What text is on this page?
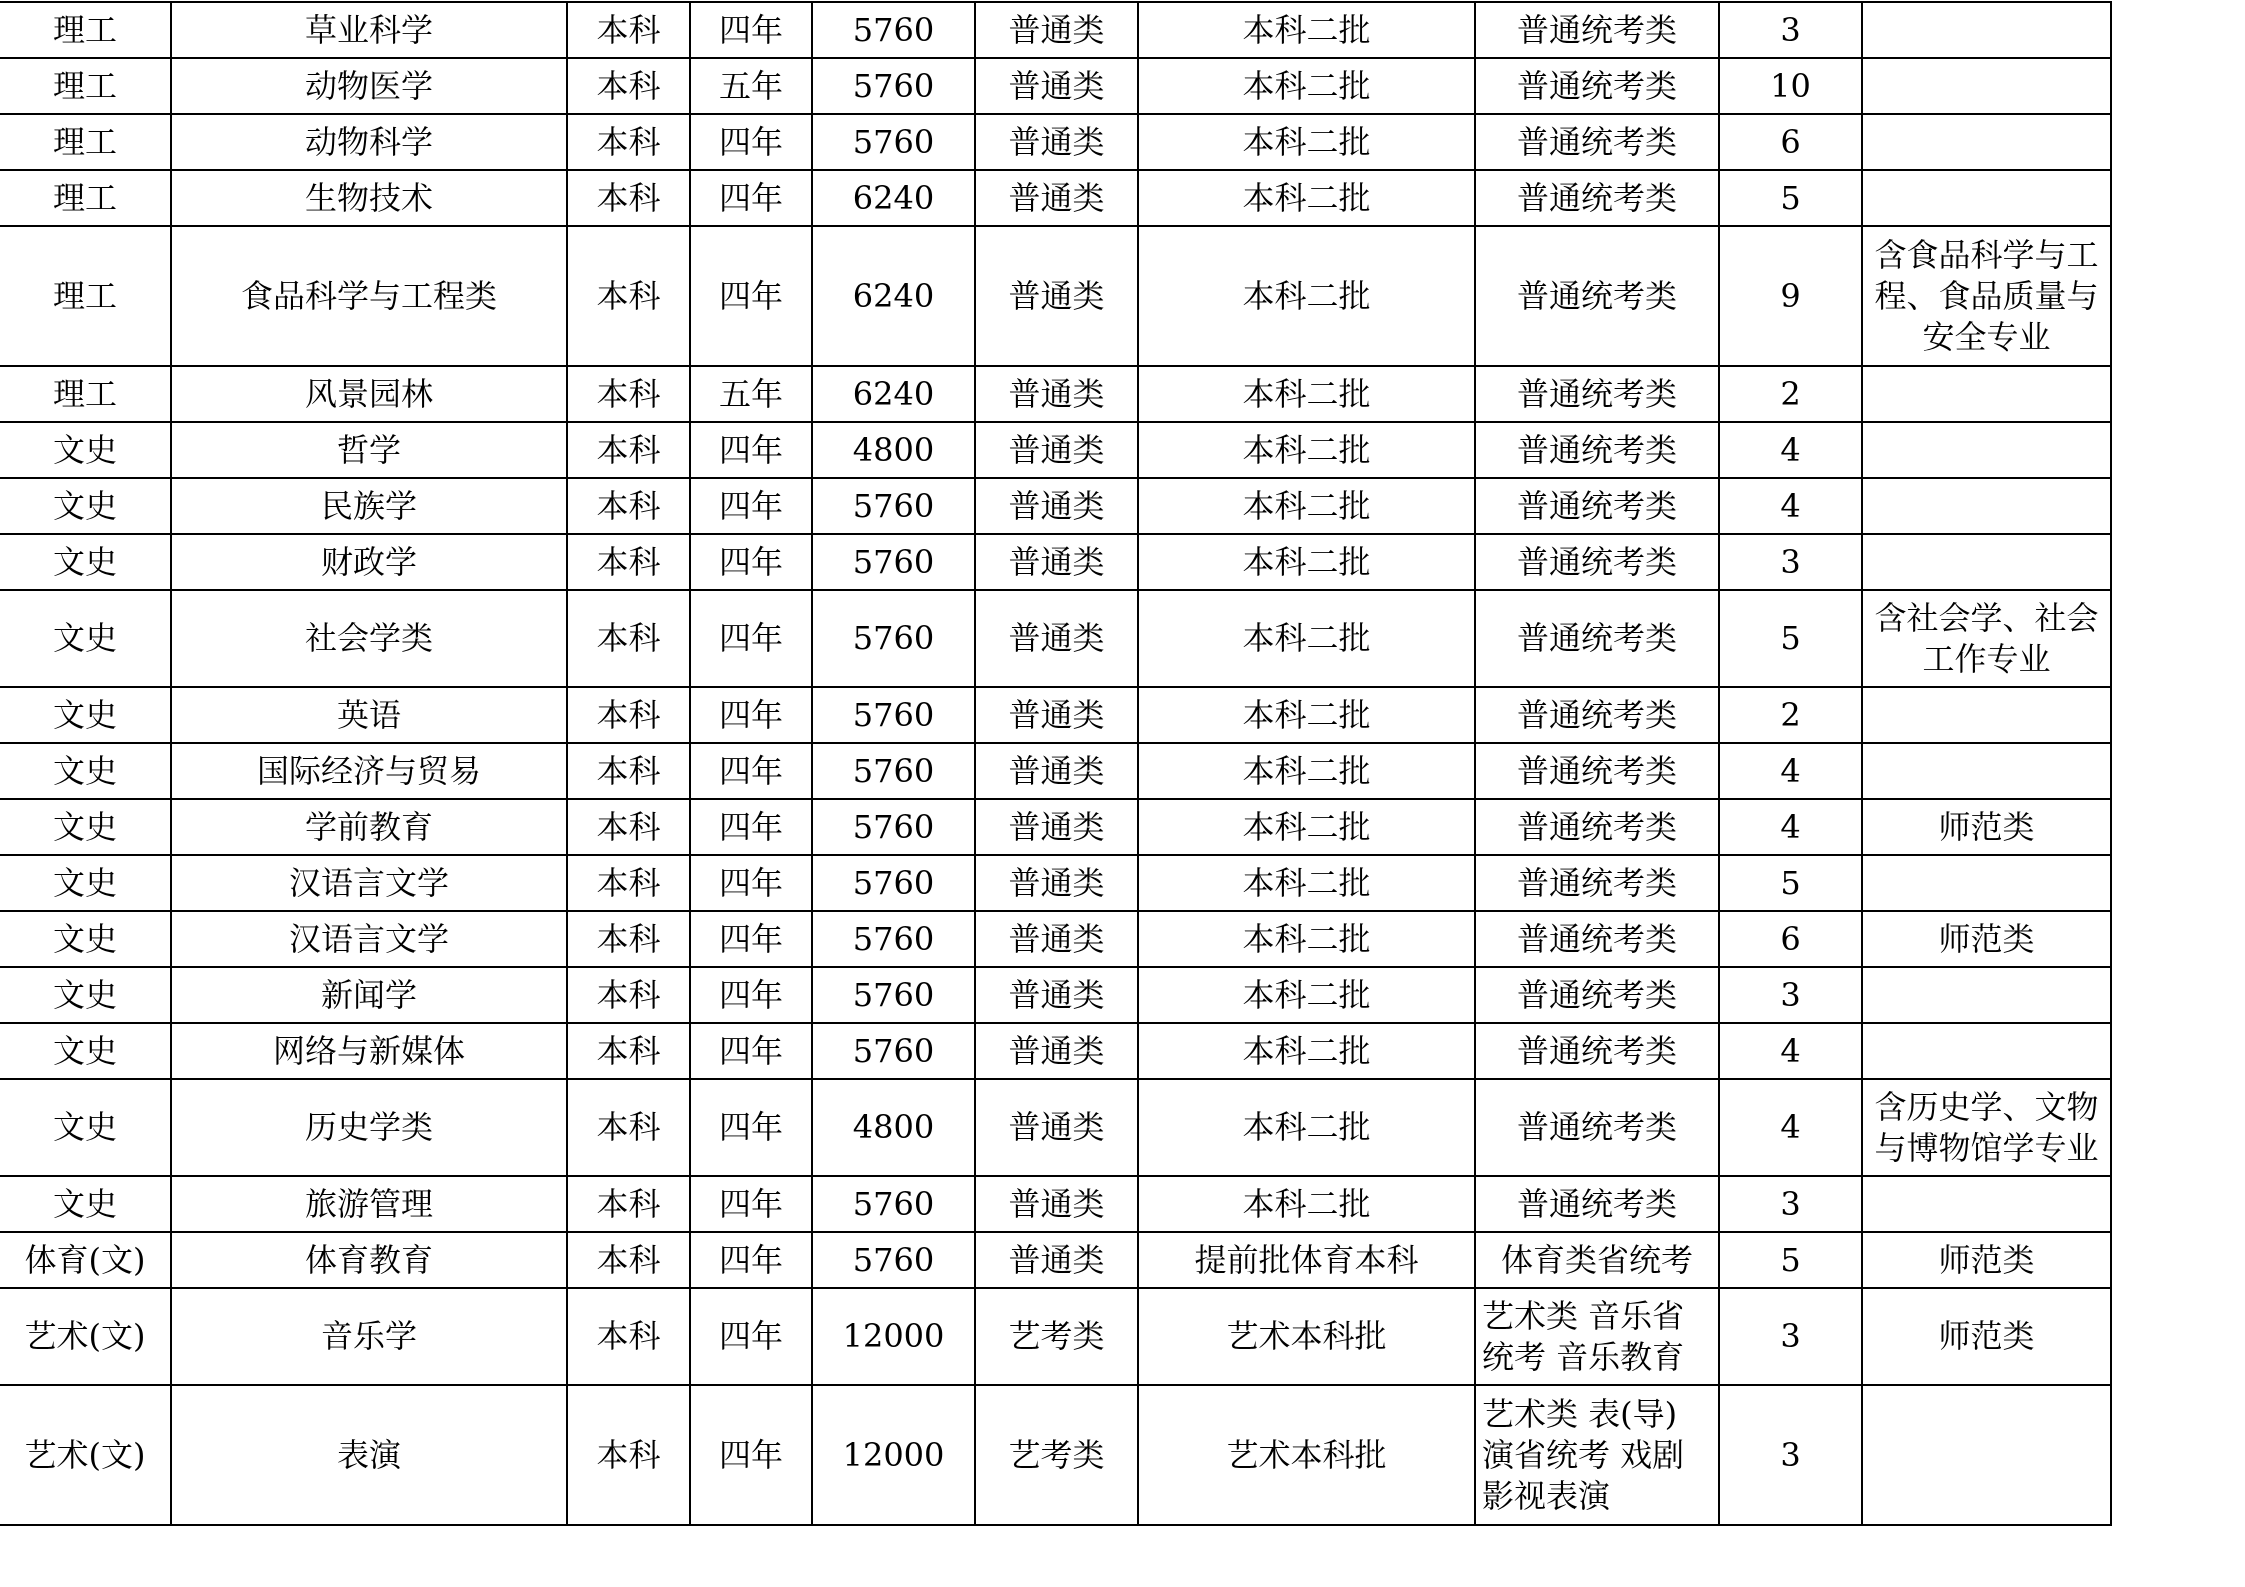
理工	草业科学	本科	四年	5760	普通类	本科二批	普通统考类	3	
理工	动物医学	本科	五年	5760	普通类	本科二批	普通统考类	10	
理工	动物科学	本科	四年	5760	普通类	本科二批	普通统考类	6	
理工	生物技术	本科	四年	6240	普通类	本科二批	普通统考类	5	
理工	食品科学与工程类	本科	四年	6240	普通类	本科二批	普通统考类	9	含食品科学与工
程、食品质量与
安全专业

理工	风景园林	本科	五年	6240	普通类	本科二批	普通统考类	2	
文史	哲学	本科	四年	4800	普通类	本科二批	普通统考类	4	
文史	民族学	本科	四年	5760	普通类	本科二批	普通统考类	4	
文史	财政学	本科	四年	5760	普通类	本科二批	普通统考类	3	
文史	社会学类	本科	四年	5760	普通类	本科二批	普通统考类	5	含社会学、社会
工作专业

文史	英语	本科	四年	5760	普通类	本科二批	普通统考类	2	
文史	国际经济与贸易	本科	四年	5760	普通类	本科二批	普通统考类	4	
文史	学前教育	本科	四年	5760	普通类	本科二批	普通统考类	4	师范类

文史	汉语言文学	本科	四年	5760	普通类	本科二批	普通统考类	5	
文史	汉语言文学	本科	四年	5760	普通类	本科二批	普通统考类	6	师范类

文史	新闻学	本科	四年	5760	普通类	本科二批	普通统考类	3	
文史	网络与新媒体	本科	四年	5760	普通类	本科二批	普通统考类	4	
文史	历史学类	本科	四年	4800	普通类	本科二批	普通统考类	4	含历史学、文物
与博物馆学专业

文史	旅游管理	本科	四年	5760	普通类	本科二批	普通统考类	3	
体育(文)	体育教育	本科	四年	5760	普通类	提前批体育本科	体育类省统考	5	师范类

艺术(文)	音乐学	本科	四年	12000	艺考类	艺术本科批	艺术类 音乐省
统考 音乐教育	3	师范类

艺术(文)	表演	本科	四年	12000	艺考类	艺术本科批	艺术类 表(导)
演省统考 戏剧
影视表演	3	
